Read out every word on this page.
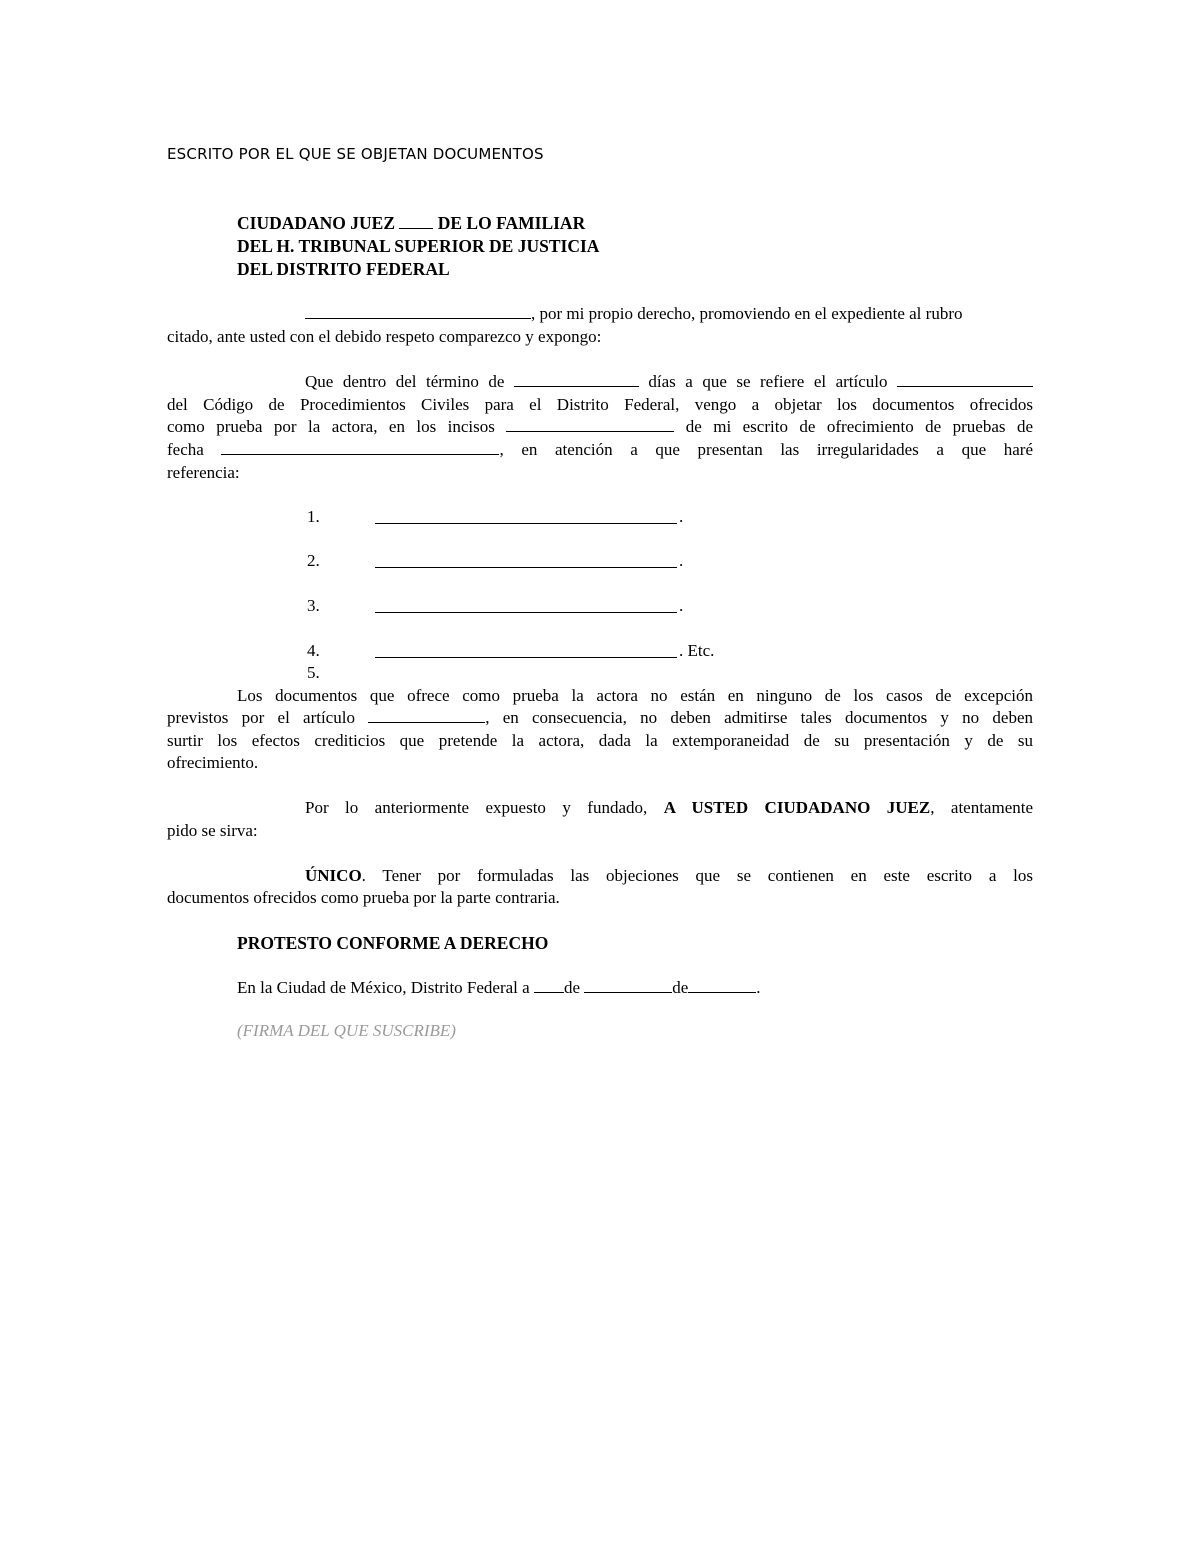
ESCRITO POR EL QUE SE OBJETAN DOCUMENTOS
CIUDADANO JUEZ DE LO FAMILIAR
DEL H. TRIBUNAL SUPERIOR DE JUSTICIA
DEL DISTRITO FEDERAL
, por mi propio derecho, promoviendo en el expediente al rubro
citado, ante usted con el debido respeto comparezco y expongo:
Que dentro del término de	días a que se refiere el artículo
del Código de Procedimientos Civiles para el Distrito Federal, vengo a objetar los documentos ofrecidos
como prueba por la actora, en los incisos	de mi escrito de ofrecimiento de pruebas de
fecha	, en atención a que presentan las irregularidades a que haré
referencia:
1.	.
2.	.
3.	.
4.	. Etc.
5.
Los documentos que ofrece como prueba la actora no están en ninguno de los casos de excepción
previstos por el artículo	, en consecuencia, no deben admitirse tales documentos y no deben
surtir los efectos crediticios que pretende la actora, dada la extemporaneidad de su presentación y de su
ofrecimiento.
Por lo anteriormente expuesto y fundado, A USTED CIUDADANO JUEZ, atentamente
pido se sirva:
ÚNICO. Tener por formuladas las objeciones que se contienen en este escrito a los
documentos ofrecidos como prueba por la parte contraria.
PROTESTO CONFORME A DERECHO
En la Ciudad de México, Distrito Federal a de	de	.
(FIRMA DEL QUE SUSCRIBE)
